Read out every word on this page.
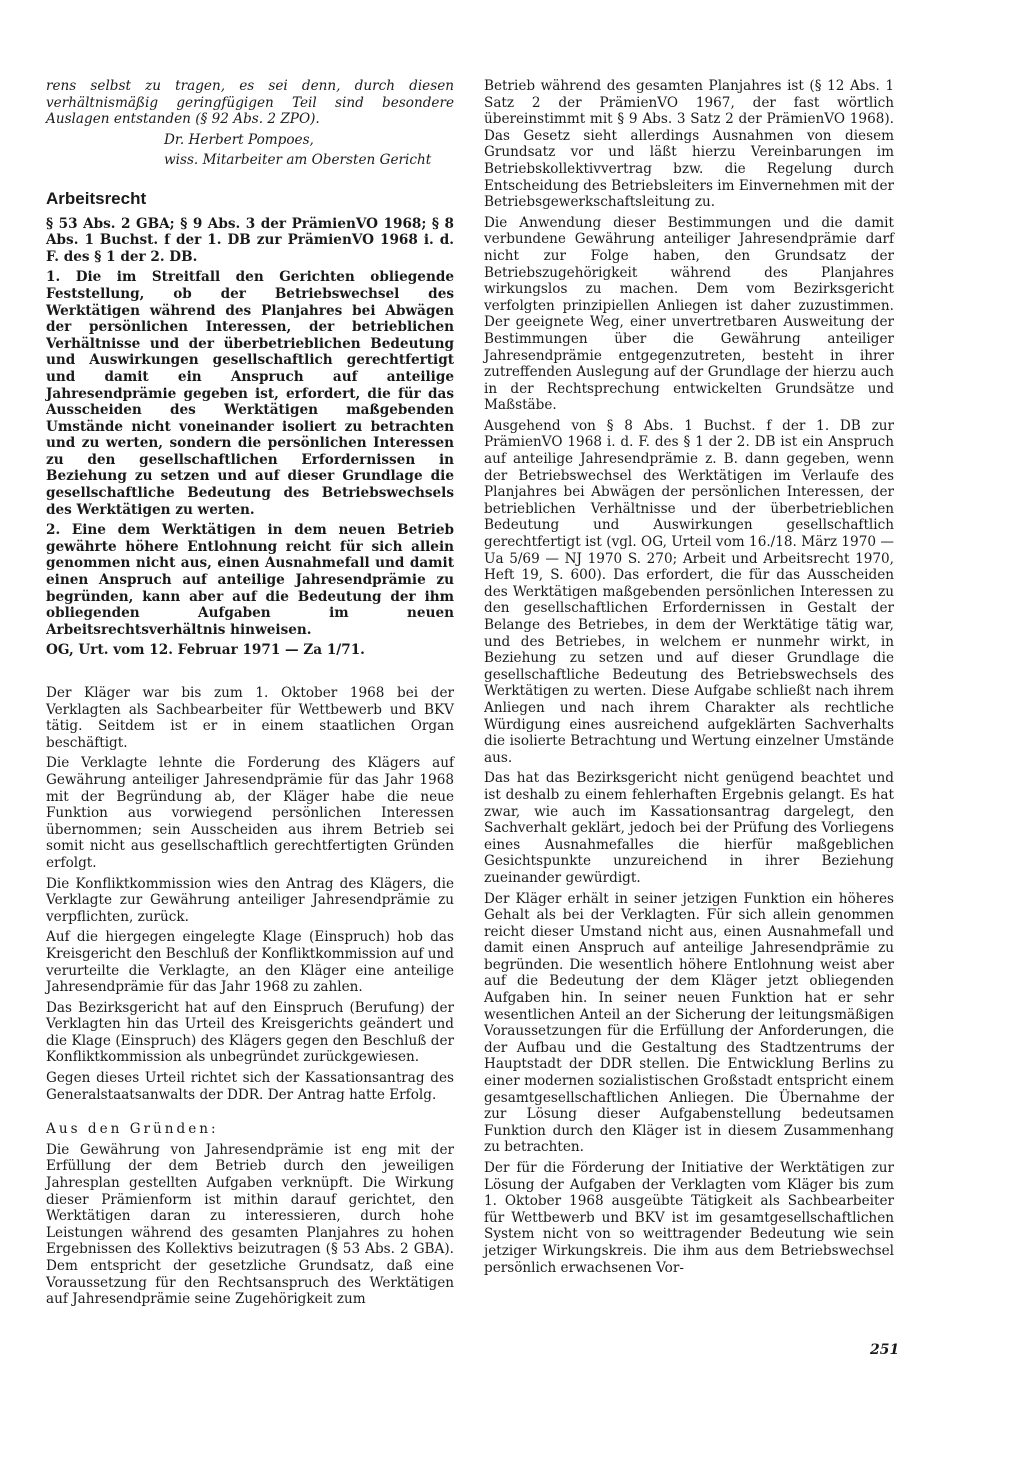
rens selbst zu tragen, es sei denn, durch diesen verhältnismäßig geringfügigen Teil sind besondere Auslagen entstanden (§ 92 Abs. 2 ZPO).

Dr. Herbert Pompoes,

wiss. Mitarbeiter am Obersten Gericht

Arbeitsrecht

§ 53 Abs. 2 GBA; § 9 Abs. 3 der PrämienVO 1968; § 8 Abs. 1 Buchst. f der 1. DB zur PrämienVO 1968 i. d. F. des § 1 der 2. DB.

1. Die im Streitfall den Gerichten obliegende Feststellung, ob der Betriebswechsel des Werktätigen während des Planjahres bei Abwägen der persönlichen Interessen, der betrieblichen Verhältnisse und der überbetrieblichen Bedeutung und Auswirkungen gesellschaftlich gerechtfertigt und damit ein Anspruch auf anteilige Jahresendprämie gegeben ist, erfordert, die für das Ausscheiden des Werktätigen maßgebenden Umstände nicht voneinander isoliert zu betrachten und zu werten, sondern die persönlichen Interessen zu den gesellschaftlichen Erfordernissen in Beziehung zu setzen und auf dieser Grundlage die gesellschaftliche Bedeutung des Betriebswechsels des Werktätigen zu werten.

2. Eine dem Werktätigen in dem neuen Betrieb gewährte höhere Entlohnung reicht für sich allein genommen nicht aus, einen Ausnahmefall und damit einen Anspruch auf anteilige Jahresendprämie zu begründen, kann aber auf die Bedeutung der ihm obliegenden Aufgaben im neuen Arbeitsrechtsverhältnis hinweisen.

OG, Urt. vom 12. Februar 1971 — Za 1/71.

Der Kläger war bis zum 1. Oktober 1968 bei der Verklagten als Sachbearbeiter für Wettbewerb und BKV tätig. Seitdem ist er in einem staatlichen Organ beschäftigt.

Die Verklagte lehnte die Forderung des Klägers auf Gewährung anteiliger Jahresendprämie für das Jahr 1968 mit der Begründung ab, der Kläger habe die neue Funktion aus vorwiegend persönlichen Interessen übernommen; sein Ausscheiden aus ihrem Betrieb sei somit nicht aus gesellschaftlich gerechtfertigten Gründen erfolgt.

Die Konfliktkommission wies den Antrag des Klägers, die Verklagte zur Gewährung anteiliger Jahresendprämie zu verpflichten, zurück.

Auf die hiergegen eingelegte Klage (Einspruch) hob das Kreisgericht den Beschluß der Konfliktkommission auf und verurteilte die Verklagte, an den Kläger eine anteilige Jahresendprämie für das Jahr 1968 zu zahlen.

Das Bezirksgericht hat auf den Einspruch (Berufung) der Verklagten hin das Urteil des Kreisgerichts geändert und die Klage (Einspruch) des Klägers gegen den Beschluß der Konfliktkommission als unbegründet zurückgewiesen.

Gegen dieses Urteil richtet sich der Kassationsantrag des Generalstaatsanwalts der DDR. Der Antrag hatte Erfolg.

Aus den Gründen:

Die Gewährung von Jahresendprämie ist eng mit der Erfüllung der dem Betrieb durch den jeweiligen Jahresplan gestellten Aufgaben verknüpft. Die Wirkung dieser Prämienform ist mithin darauf gerichtet, den Werktätigen daran zu interessieren, durch hohe Leistungen während des gesamten Planjahres zu hohen Ergebnissen des Kollektivs beizutragen (§ 53 Abs. 2 GBA). Dem entspricht der gesetzliche Grundsatz, daß eine Voraussetzung für den Rechtsanspruch des Werktätigen auf Jahresendprämie seine Zugehörigkeit zum

Betrieb während des gesamten Planjahres ist (§ 12 Abs. 1 Satz 2 der PrämienVO 1967, der fast wörtlich übereinstimmt mit § 9 Abs. 3 Satz 2 der PrämienVO 1968). Das Gesetz sieht allerdings Ausnahmen von diesem Grundsatz vor und läßt hierzu Vereinbarungen im Betriebskollektivvertrag bzw. die Regelung durch Entscheidung des Betriebsleiters im Einvernehmen mit der Betriebsgewerkschaftsleitung zu.

Die Anwendung dieser Bestimmungen und die damit verbundene Gewährung anteiliger Jahresendprämie darf nicht zur Folge haben, den Grundsatz der Betriebszugehörigkeit während des Planjahres wirkungslos zu machen. Dem vom Bezirksgericht verfolgten prinzipiellen Anliegen ist daher zuzustimmen. Der geeignete Weg, einer unvertretbaren Ausweitung der Bestimmungen über die Gewährung anteiliger Jahresendprämie entgegenzutreten, besteht in ihrer zutreffenden Auslegung auf der Grundlage der hierzu auch in der Rechtsprechung entwickelten Grundsätze und Maßstäbe.

Ausgehend von § 8 Abs. 1 Buchst. f der 1. DB zur PrämienVO 1968 i. d. F. des § 1 der 2. DB ist ein Anspruch auf anteilige Jahresendprämie z. B. dann gegeben, wenn der Betriebswechsel des Werktätigen im Verlaufe des Planjahres bei Abwägen der persönlichen Interessen, der betrieblichen Verhältnisse und der überbetrieblichen Bedeutung und Auswirkungen gesellschaftlich gerechtfertigt ist (vgl. OG, Urteil vom 16./18. März 1970 — Ua 5/69 — NJ 1970 S. 270; Arbeit und Arbeitsrecht 1970, Heft 19, S. 600). Das erfordert, die für das Ausscheiden des Werktätigen maßgebenden persönlichen Interessen zu den gesellschaftlichen Erfordernissen in Gestalt der Belange des Betriebes, in dem der Werktätige tätig war, und des Betriebes, in welchem er nunmehr wirkt, in Beziehung zu setzen und auf dieser Grundlage die gesellschaftliche Bedeutung des Betriebswechsels des Werktätigen zu werten. Diese Aufgabe schließt nach ihrem Anliegen und nach ihrem Charakter als rechtliche Würdigung eines ausreichend aufgeklärten Sachverhalts die isolierte Betrachtung und Wertung einzelner Umstände aus.

Das hat das Bezirksgericht nicht genügend beachtet und ist deshalb zu einem fehlerhaften Ergebnis gelangt. Es hat zwar, wie auch im Kassationsantrag dargelegt, den Sachverhalt geklärt, jedoch bei der Prüfung des Vorliegens eines Ausnahmefalles die hierfür maßgeblichen Gesichtspunkte unzureichend in ihrer Beziehung zueinander gewürdigt.

Der Kläger erhält in seiner jetzigen Funktion ein höheres Gehalt als bei der Verklagten. Für sich allein genommen reicht dieser Umstand nicht aus, einen Ausnahmefall und damit einen Anspruch auf anteilige Jahresendprämie zu begründen. Die wesentlich höhere Entlohnung weist aber auf die Bedeutung der dem Kläger jetzt obliegenden Aufgaben hin. In seiner neuen Funktion hat er sehr wesentlichen Anteil an der Sicherung der leitungsmäßigen Voraussetzungen für die Erfüllung der Anforderungen, die der Aufbau und die Gestaltung des Stadtzentrums der Hauptstadt der DDR stellen. Die Entwicklung Berlins zu einer modernen sozialistischen Großstadt entspricht einem gesamtgesellschaftlichen Anliegen. Die Übernahme der zur Lösung dieser Aufgabenstellung bedeutsamen Funktion durch den Kläger ist in diesem Zusammenhang zu betrachten.

Der für die Förderung der Initiative der Werktätigen zur Lösung der Aufgaben der Verklagten vom Kläger bis zum 1. Oktober 1968 ausgeübte Tätigkeit als Sachbearbeiter für Wettbewerb und BKV ist im gesamtgesellschaftlichen System nicht von so weittragender Bedeutung wie sein jetziger Wirkungskreis. Die ihm aus dem Betriebswechsel persönlich erwachsenen Vor-

251
